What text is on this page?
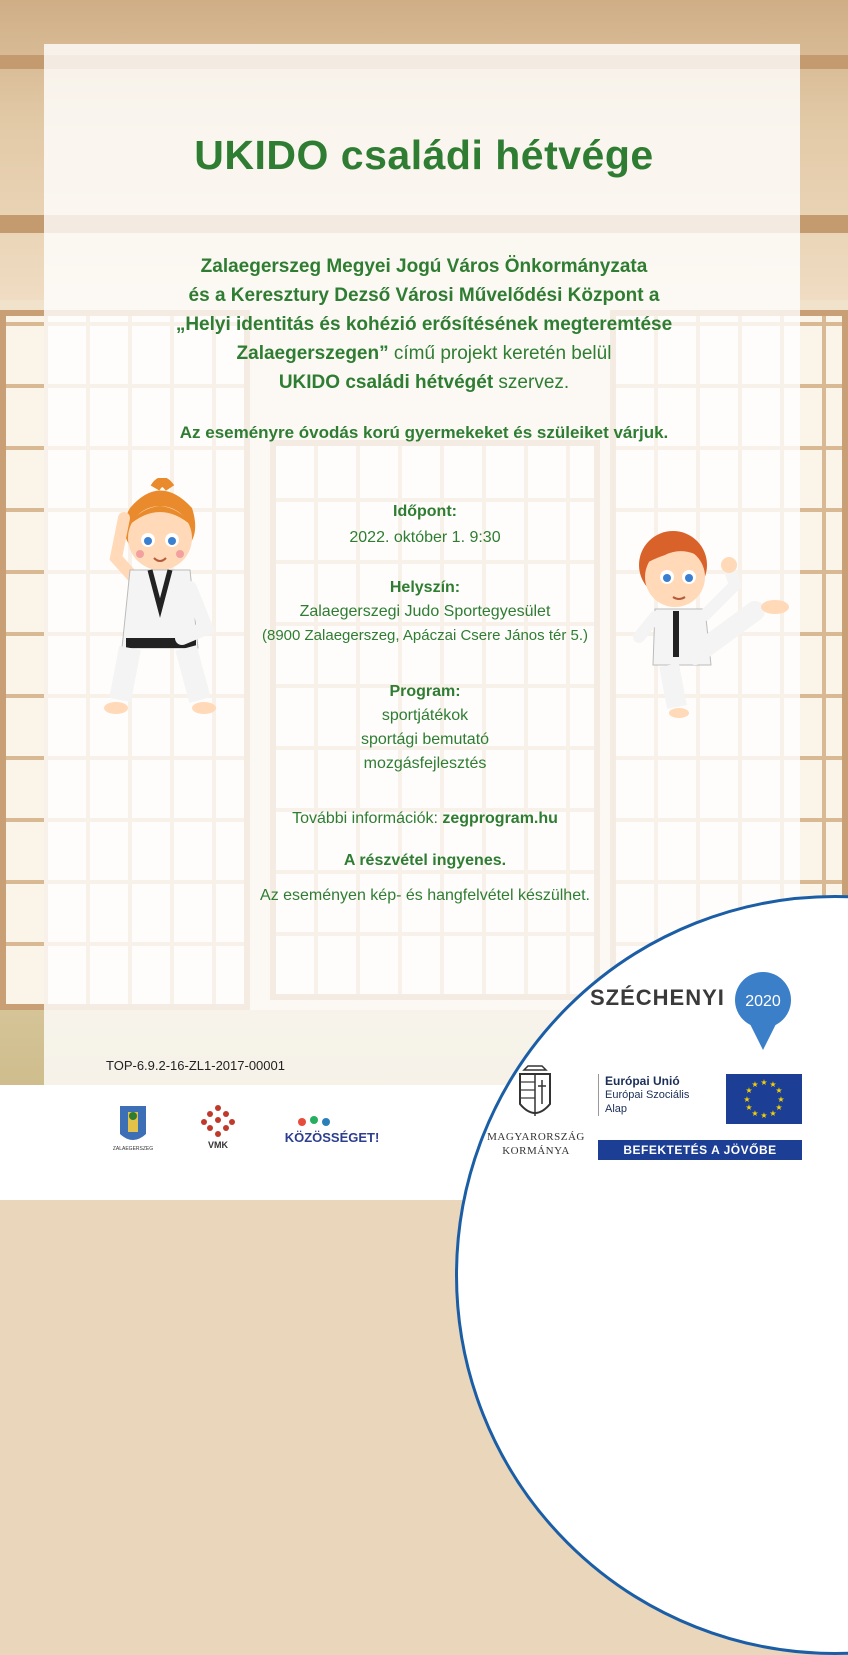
UKIDO családi hétvége
Zalaegerszeg Megyei Jogú Város Önkormányzata
és a Keresztury Dezső Városi Művelődési Központ a
„Helyi identitás és kohézió erősítésének megteremtése
Zalaegerszegen” című projekt keretén belül
UKIDO családi hétvégét szervez.
Az eseményre óvodás korú gyermekeket és szüleiket várjuk.
Időpont:
2022. október 1. 9:30
Helyszín:
Zalaegerszegi Judo Sportegyesület
(8900 Zalaegerszeg, Apáczai Csere János tér 5.)
Program:
sportjátékok
sportági bemutató
mozgásfejlesztés
További információk: zegprogram.hu
A részvétel ingyenes.
Az eseményen kép- és hangfelvétel készülhet.
SZÉCHENYI 2020
TOP-6.9.2-16-ZL1-2017-00001
ZALAEGERSZEG	VMK	KÖZÖSSÉGET!	MAGYARORSZÁG
KORMÁNYA
Európai Unió
Európai Szociális
Alap
★ ★
★
★
★
★
★
★
★
★
★
★
BEFEKTETÉS A JÖVŐBE
